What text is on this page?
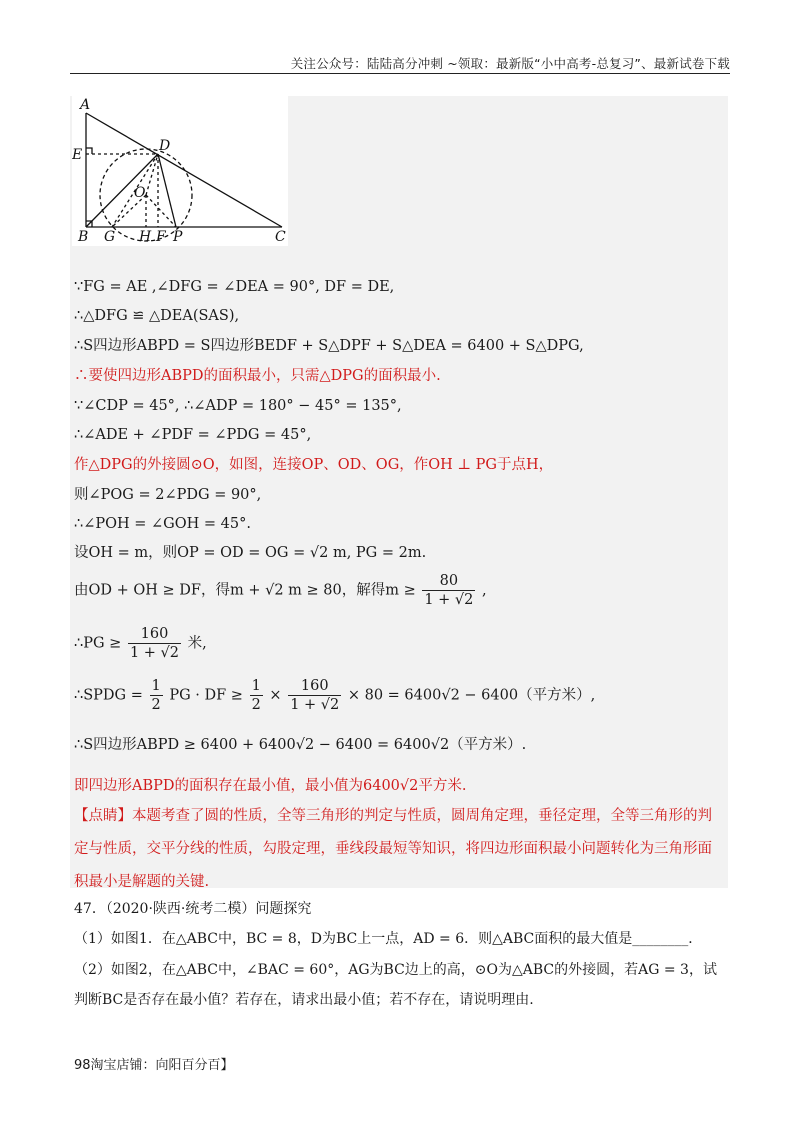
关注公众号：陆陆高分冲刺 ~领取：最新版“小中高考-总复习”、最新试卷下载
A
B	C
D
E
O
G H F P
∵FG = AE ,∠DFG = ∠DEA = 90°, DF = DE,
∴△DFG ≌ △DEA(SAS),
∴S四边形ABPD = S四边形BEDF + S△DPF + S△DEA = 6400 + S△DPG,
∴要使四边形ABPD的面积最小，只需△DPG的面积最小.
∵∠CDP = 45°, ∴∠ADP = 180° − 45° = 135°,
∴∠ADE + ∠PDF = ∠PDG = 45°,
作△DPG的外接圆⊙O，如图，连接OP、OD、OG，作OH ⊥ PG于点H，
则∠POG = 2∠PDG = 90°,
∴∠POH = ∠GOH = 45°.
设OH = m，则OP = OD = OG = √2 m, PG = 2m.
由OD + OH ≥ DF，得m + √2 m ≥ 80，解得$m \ge \frac{80}{1 + √2}$ ,
∴PG ≥ $\frac{160}{1 + √2}$ 米,
∴SPDG = $\frac{1}{2}$ PG · DF ≥ $\frac{1}{2} \times \frac{160}{1 + √2} \times 80 = 6400√2 - 6400$（平方米）,
∴S四边形ABPD ≥ 6400 + 6400√2 − 6400 = 6400√2（平方米）.
即四边形ABPD的面积存在最小值，最小值为6400√2平方米.
【点睛】本题考查了圆的性质，全等三角形的判定与性质，圆周角定理，垂径定理，全等三角形的判定与性质，交平分线的性质，勾股定理，垂线段最短等知识，将四边形面积最小问题转化为三角形面积最小是解题的关键.
47．（2020·陕西·统考二模）问题探究
（1）如图1．在△ABC中，BC = 8，D为BC上一点，AD = 6．则△ABC面积的最大值是________．
（2）如图2，在△ABC中，∠BAC = 60°，AG为BC边上的高，⊙O为△ABC的外接圆，若AG = 3，试
判断BC是否存在最小值？若存在，请求出最小值；若不存在，请说明理由.
98淘宝店铺：向阳百分百】
